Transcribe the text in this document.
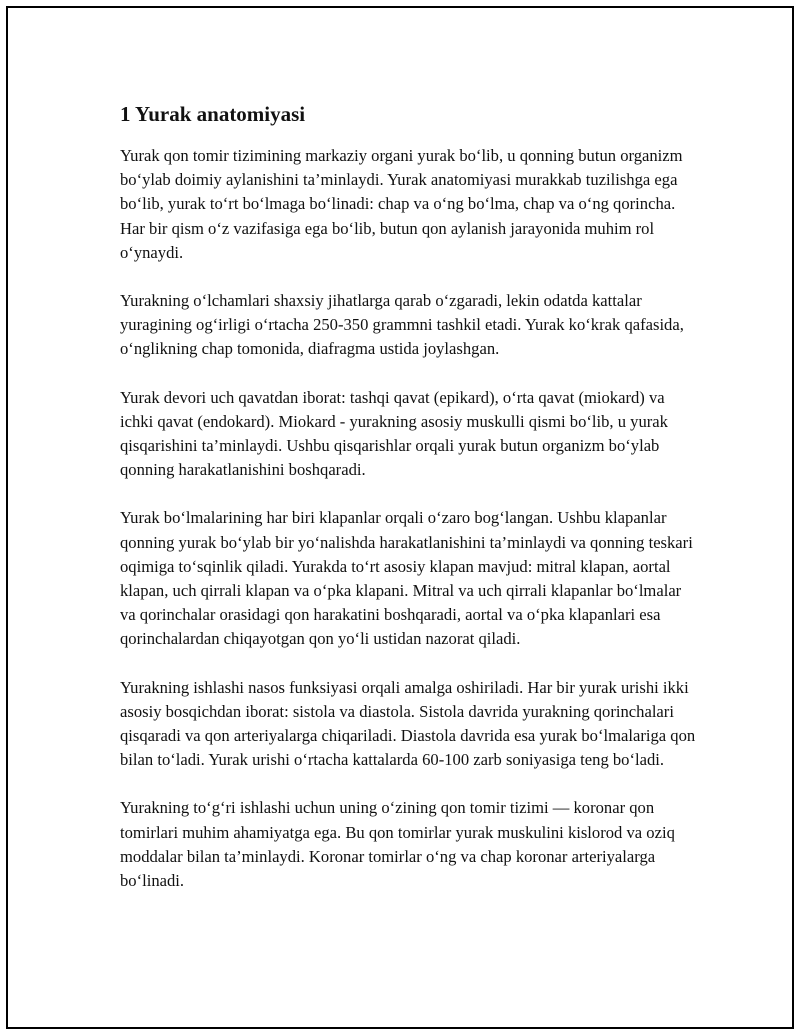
1 Yurak anatomiyasi

Yurak qon tomir tizimining markaziy organi yurak bo‘lib, u qonning butun organizm bo‘ylab doimiy aylanishini ta’minlaydi. Yurak anatomiyasi murakkab tuzilishga ega bo‘lib, yurak to‘rt bo‘lmaga bo‘linadi: chap va o‘ng bo‘lma, chap va o‘ng qorincha. Har bir qism o‘z vazifasiga ega bo‘lib, butun qon aylanish jarayonida muhim rol o‘ynaydi.

Yurakning o‘lchamlari shaxsiy jihatlarga qarab o‘zgaradi, lekin odatda kattalar yuragining og‘irligi o‘rtacha 250-350 grammni tashkil etadi. Yurak ko‘krak qafasida, o‘nglikning chap tomonida, diafragma ustida joylashgan.

Yurak devori uch qavatdan iborat: tashqi qavat (epikard), o‘rta qavat (miokard) va ichki qavat (endokard). Miokard - yurakning asosiy muskulli qismi bo‘lib, u yurak qisqarishini ta’minlaydi. Ushbu qisqarishlar orqali yurak butun organizm bo‘ylab qonning harakatlanishini boshqaradi.

Yurak bo‘lmalarining har biri klapanlar orqali o‘zaro bog‘langan. Ushbu klapanlar qonning yurak bo‘ylab bir yo‘nalishda harakatlanishini ta’minlaydi va qonning teskari oqimiga to‘sqinlik qiladi. Yurakda to‘rt asosiy klapan mavjud: mitral klapan, aortal klapan, uch qirrali klapan va o‘pka klapani. Mitral va uch qirrali klapanlar bo‘lmalar va qorinchalar orasidagi qon harakatini boshqaradi, aortal va o‘pka klapanlari esa qorinchalardan chiqayotgan qon yo‘li ustidan nazorat qiladi.

Yurakning ishlashi nasos funksiyasi orqali amalga oshiriladi. Har bir yurak urishi ikki asosiy bosqichdan iborat: sistola va diastola. Sistola davrida yurakning qorinchalari qisqaradi va qon arteriyalarga chiqariladi. Diastola davrida esa yurak bo‘lmalariga qon bilan to‘ladi. Yurak urishi o‘rtacha kattalarda 60-100 zarb soniyasiga teng bo‘ladi.

Yurakning to‘g‘ri ishlashi uchun uning o‘zining qon tomir tizimi — koronar qon tomirlari muhim ahamiyatga ega. Bu qon tomirlar yurak muskulini kislorod va oziq moddalar bilan ta’minlaydi. Koronar tomirlar o‘ng va chap koronar arteriyalarga bo‘linadi.
